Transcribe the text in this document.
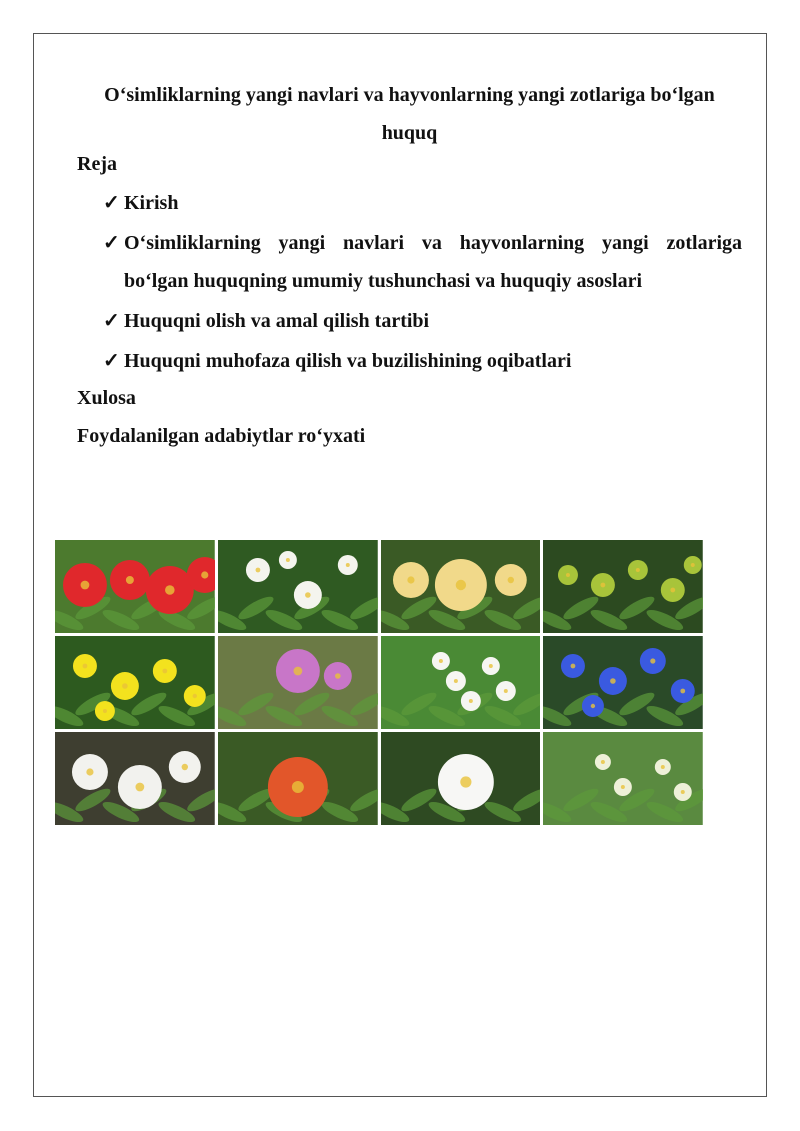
O‘simliklarning yangi navlari va hayvonlarning yangi zotlariga bo‘lgan
huquq
Reja
✓ Kirish
✓ O‘simliklarning yangi navlari va hayvonlarning yangi zotlariga
bo‘lgan huquqning umumiy tushunchasi va huquqiy asoslari
✓ Huquqni olish va amal qilish tartibi
✓ Huquqni muhofaza qilish va buzilishining oqibatlari
Xulosa
Foydalanilgan adabiytlar ro‘yxati
